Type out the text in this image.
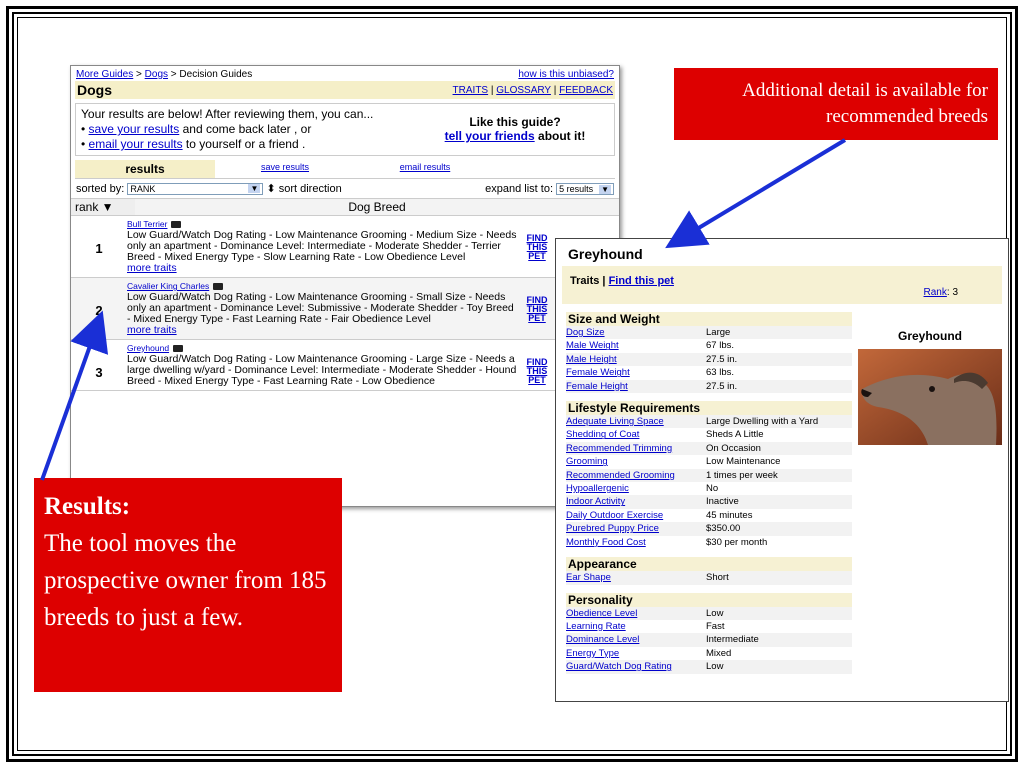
More Guides > Dogs > Decision Guides	how is this unbiased?
Dogs	TRAITS | GLOSSARY | FEEDBACK
Your results are below! After reviewing them, you can...
• save your results and come back later , or
• email your results to yourself or a friend .
Like this guide?
tell your friends about it!
results	save results	email results
sorted by: RANK	▼ ⬍ sort direction	expand list to: 5 results ▼
rank ▼	Dog Breed
1
Bull Terrier
Low Guard/Watch Dog Rating - Low Maintenance Grooming - Medium Size - Needs only an apartment - Dominance Level: Intermediate - Moderate Shedder - Terrier Breed - Mixed Energy Type - Slow Learning Rate - Low Obedience Level
more traits
FIND THIS PET
2
Cavalier King Charles
Low Guard/Watch Dog Rating - Low Maintenance Grooming - Small Size - Needs only an apartment - Dominance Level: Submissive - Moderate Shedder - Toy Breed - Mixed Energy Type - Fast Learning Rate - Fair Obedience Level
more traits
FIND THIS PET
3
Greyhound
Low Guard/Watch Dog Rating - Low Maintenance Grooming - Large Size - Needs a large dwelling w/yard - Dominance Level: Intermediate - Moderate Shedder - Hound Breed - Mixed Energy Type - Fast Learning Rate - Low Obedience
FIND THIS PET
Greyhound
Traits | Find this pet
Rank: 3
Size and Weight
Dog Size	Large
Male Weight	67 lbs.
Male Height	27.5 in.
Female Weight	63 lbs.
Female Height	27.5 in.
Lifestyle Requirements
Adequate Living Space	Large Dwelling with a Yard
Shedding of Coat	Sheds A Little
Recommended Trimming	On Occasion
Grooming	Low Maintenance
Recommended Grooming	1 times per week
Hypoallergenic	No
Indoor Activity	Inactive
Daily Outdoor Exercise	45 minutes
Purebred Puppy Price	$350.00
Monthly Food Cost	$30 per month
Appearance
Ear Shape	Short
Personality
Obedience Level	Low
Learning Rate	Fast
Dominance Level	Intermediate
Energy Type	Mixed
Guard/Watch Dog Rating	Low
Greyhound
Additional detail is available for recommended breeds
Results:
The tool moves the prospective owner from 185 breeds to just a few.
